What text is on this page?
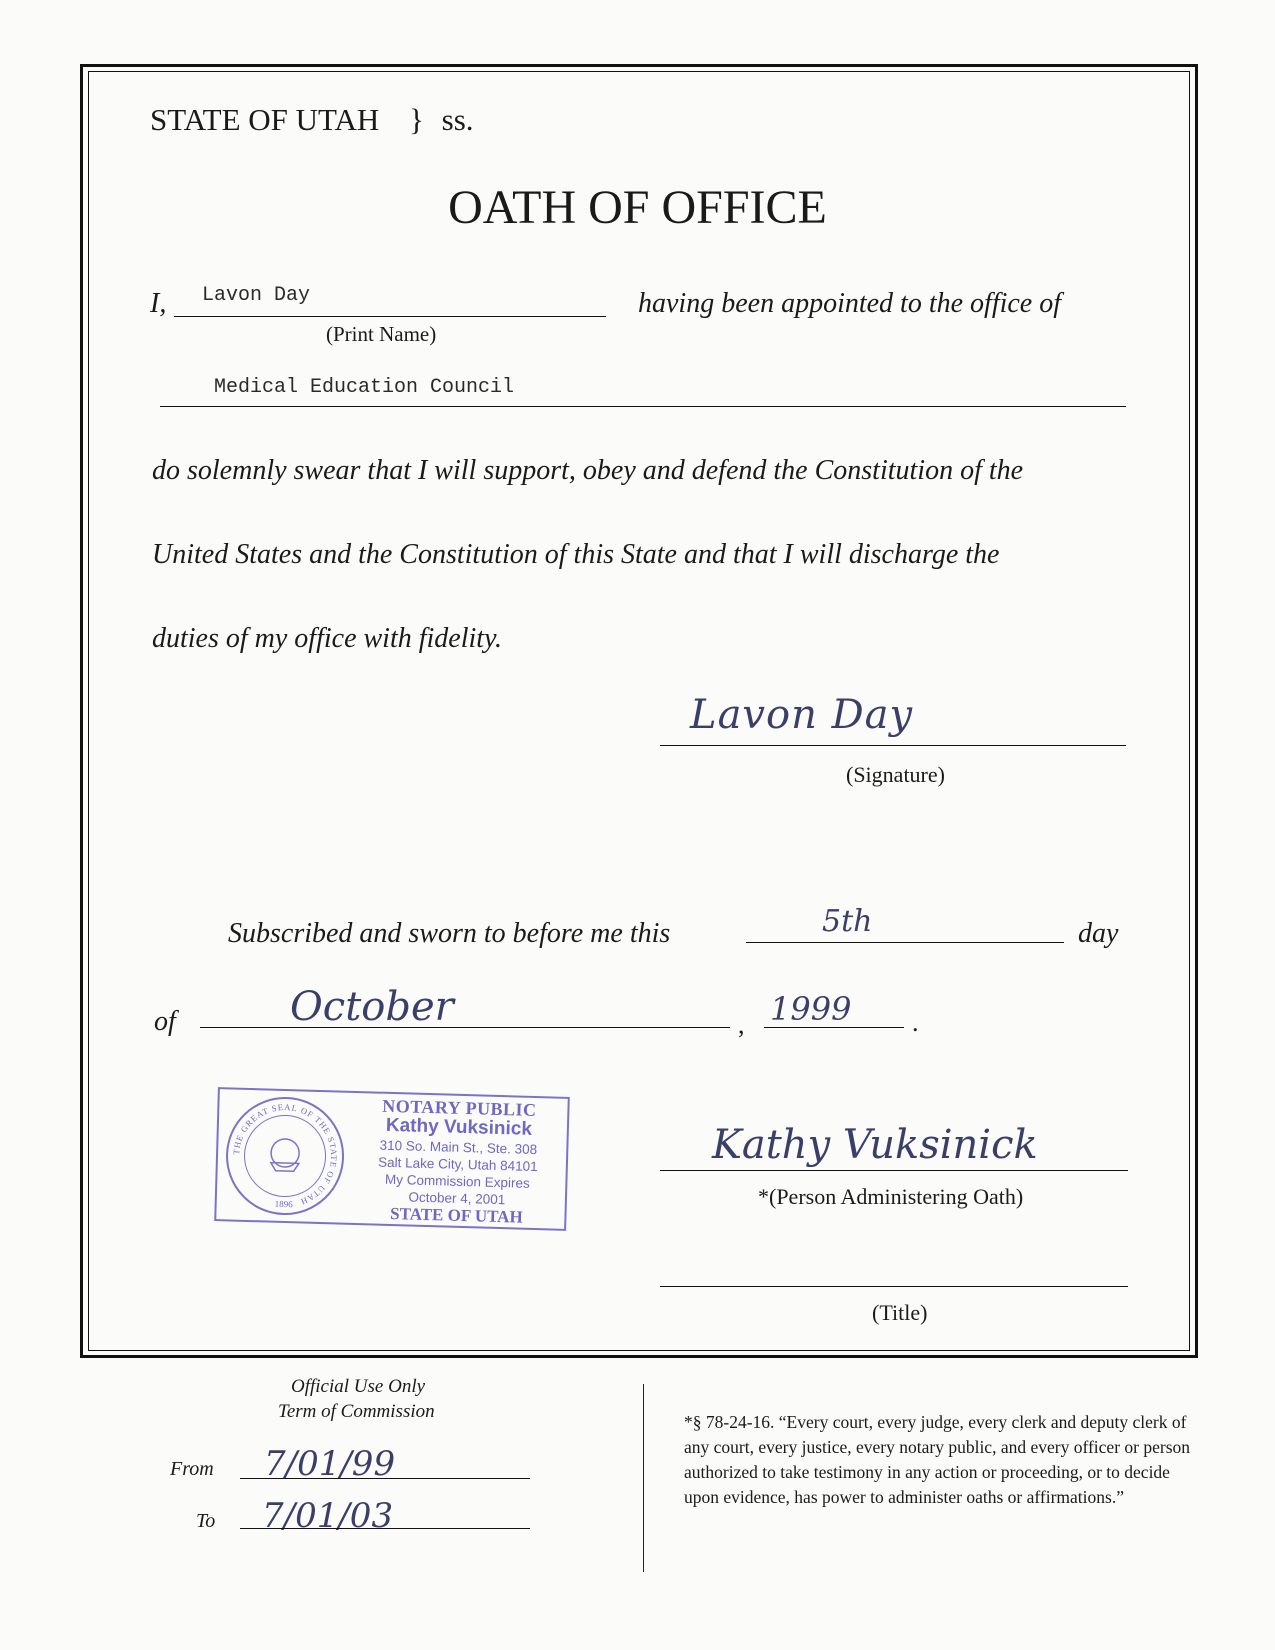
STATE OF UTAH } ss.
OATH OF OFFICE
I, Lavon Day
(Print Name)
having been appointed to the office of
Medical Education Council
do solemnly swear that I will support, obey and defend the Constitution of the
United States and the Constitution of this State and that I will discharge the
duties of my office with fidelity.
Lavon Day
(Signature)
Subscribed and sworn to before me this	5th	day
of	October	, 1999 .
THE GREAT SEAL OF THE STATE OF UTAH
1896
NOTARY PUBLIC
Kathy Vuksinick
310 So. Main St., Ste. 308
Salt Lake City, Utah 84101
My Commission Expires
October 4, 2001
STATE OF UTAH
Kathy Vuksinick
*(Person Administering Oath)
(Title)
Official Use Only
Term of Commission
From 7/01/99
To 7/01/03
*§ 78-24-16. “Every court, every judge, every clerk and deputy clerk of any court, every justice, every notary public, and every officer or person authorized to take testimony in any action or proceeding, or to decide upon evidence, has power to administer oaths or affirmations.”
